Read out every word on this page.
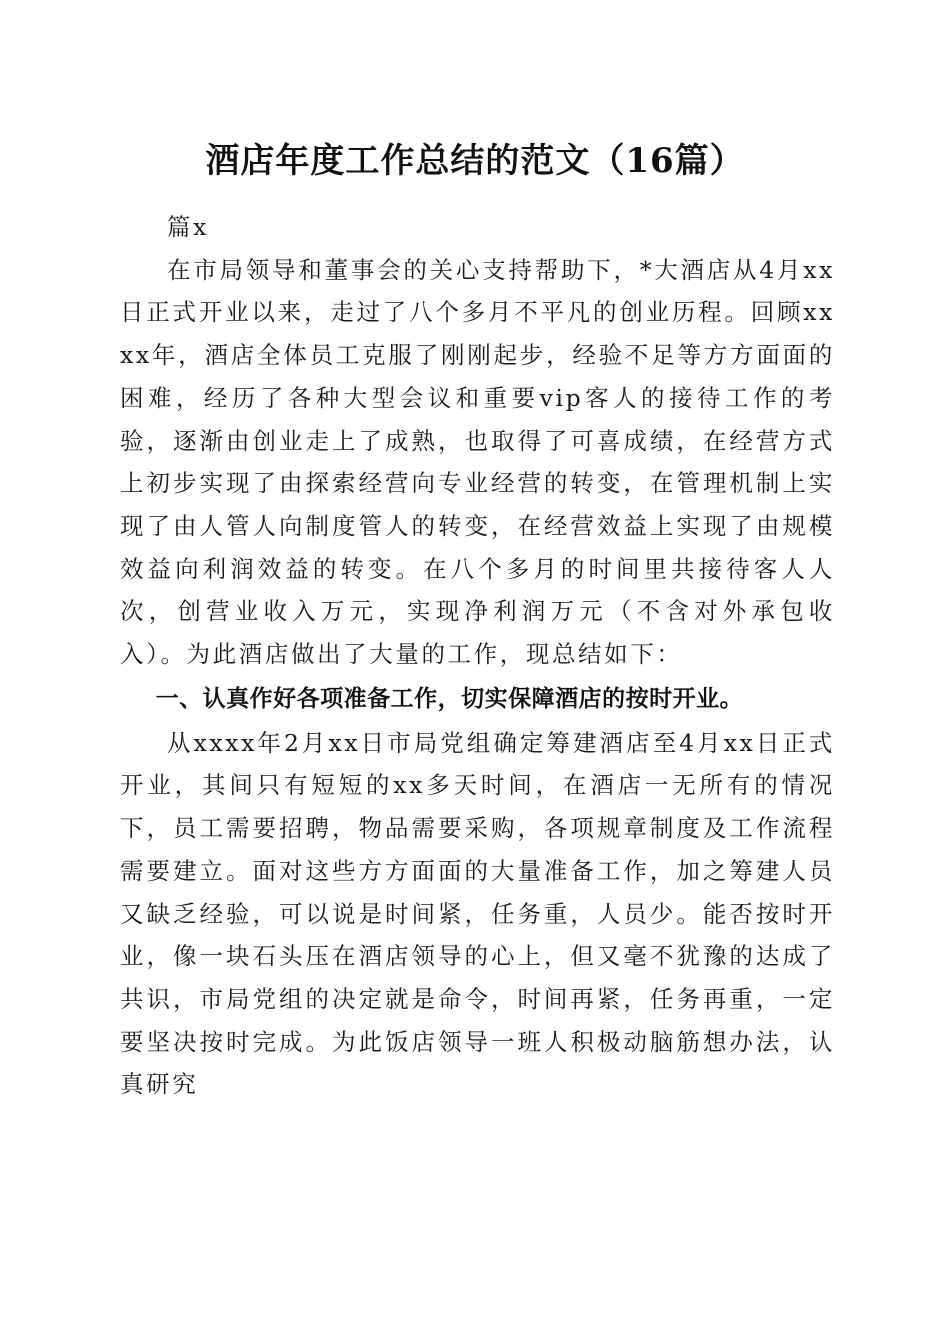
酒店年度工作总结的范文（16篇）

篇x

在市局领导和董事会的关心支持帮助下，*大酒店从4月xx日正式开业以来，走过了八个多月不平凡的创业历程。回顾xxxx年，酒店全体员工克服了刚刚起步，经验不足等方方面面的困难，经历了各种大型会议和重要vip客人的接待工作的考验，逐渐由创业走上了成熟，也取得了可喜成绩，在经营方式上初步实现了由探索经营向专业经营的转变，在管理机制上实现了由人管人向制度管人的转变，在经营效益上实现了由规模效益向利润效益的转变。在八个多月的时间里共接待客人人次，创营业收入万元，实现净利润万元（不含对外承包收入）。为此酒店做出了大量的工作，现总结如下：

一、认真作好各项准备工作，切实保障酒店的按时开业。

从xxxx年2月xx日市局党组确定筹建酒店至4月xx日正式开业，其间只有短短的xx多天时间，在酒店一无所有的情况下，员工需要招聘，物品需要采购，各项规章制度及工作流程需要建立。面对这些方方面面的大量准备工作，加之筹建人员又缺乏经验，可以说是时间紧，任务重，人员少。能否按时开业，像一块石头压在酒店领导的心上，但又毫不犹豫的达成了共识，市局党组的决定就是命令，时间再紧，任务再重，一定要坚决按时完成。为此饭店领导一班人积极动脑筋想办法，认真研究
